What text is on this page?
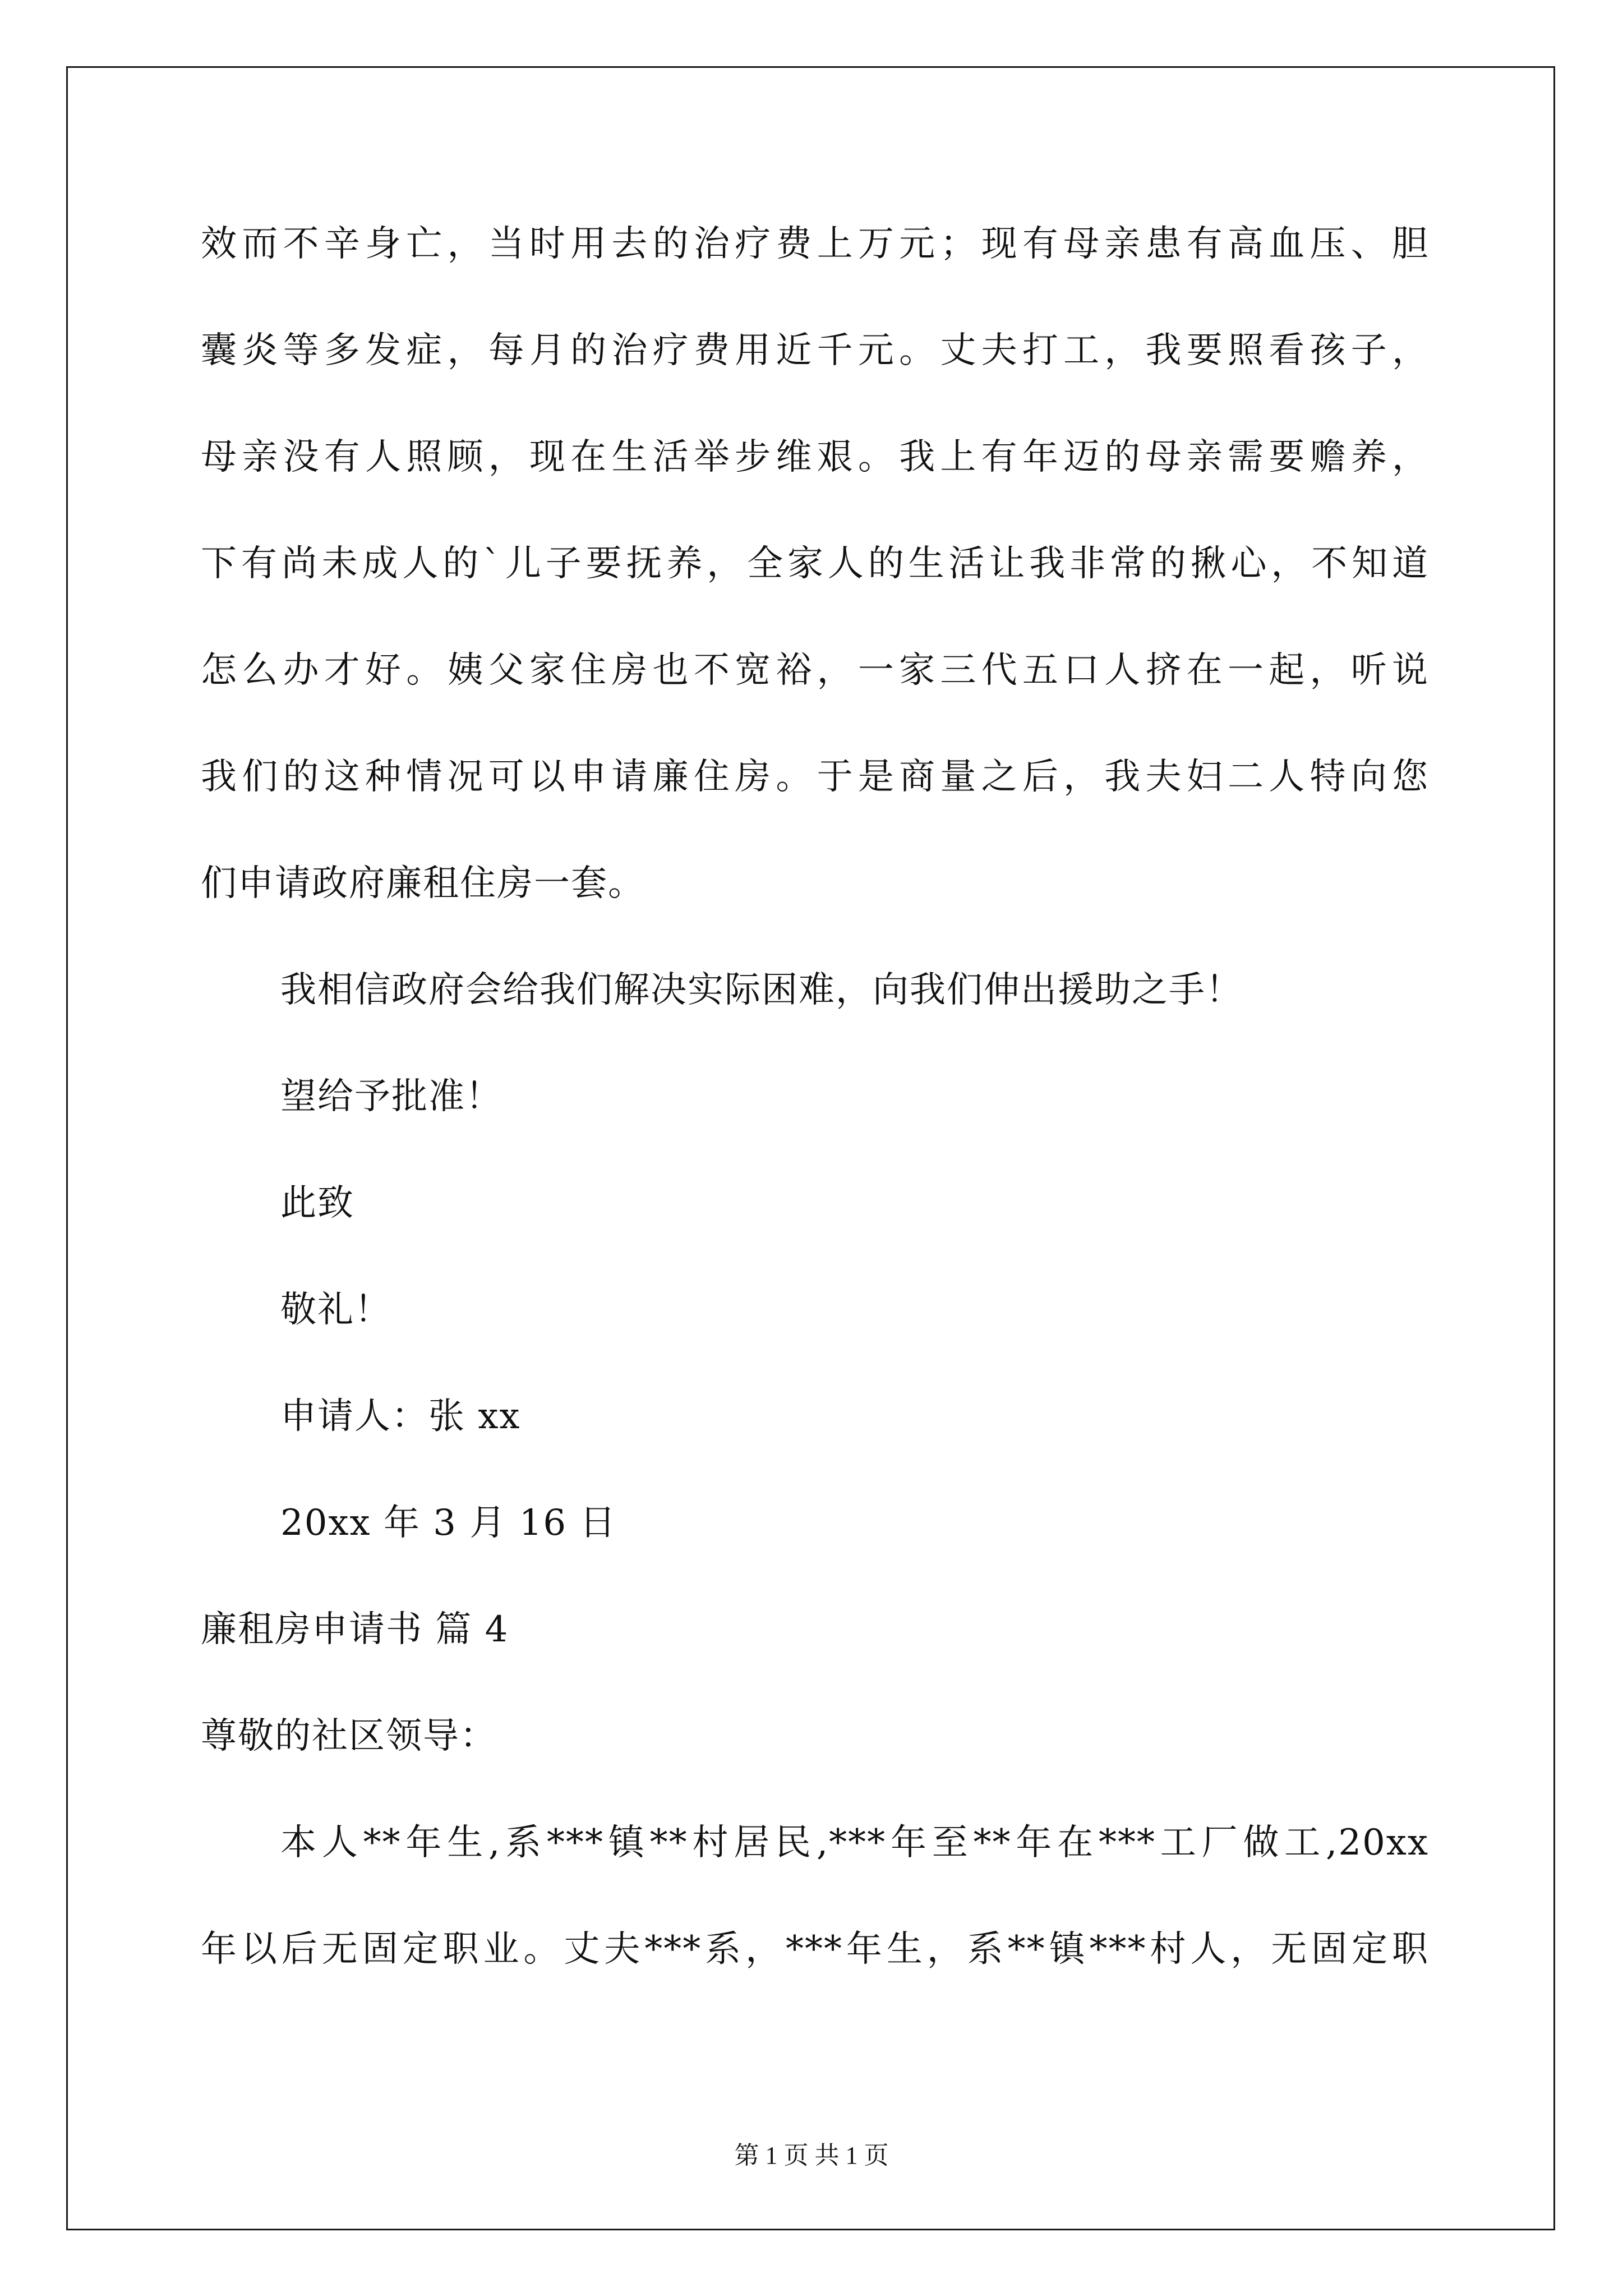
效而不辛身亡，当时用去的治疗费上万元；现有母亲患有高血压、胆
囊炎等多发症，每月的治疗费用近千元。丈夫打工，我要照看孩子，
母亲没有人照顾，现在生活举步维艰。我上有年迈的母亲需要赡养，
下有尚未成人的`儿子要抚养，全家人的生活让我非常的揪心，不知道
怎么办才好。姨父家住房也不宽裕，一家三代五口人挤在一起，听说
我们的这种情况可以申请廉住房。于是商量之后，我夫妇二人特向您
们申请政府廉租住房一套。
我相信政府会给我们解决实际困难，向我们伸出援助之手！
望给予批准！
此致
敬礼！
申请人：张 xx
20xx 年 3 月 16 日
廉租房申请书 篇 4
尊敬的社区领导：
本人**年生,系***镇**村居民,***年至**年在***工厂做工,20xx
年以后无固定职业。丈夫***系，***年生，系**镇***村人，无固定职
第 1 页 共 1 页
